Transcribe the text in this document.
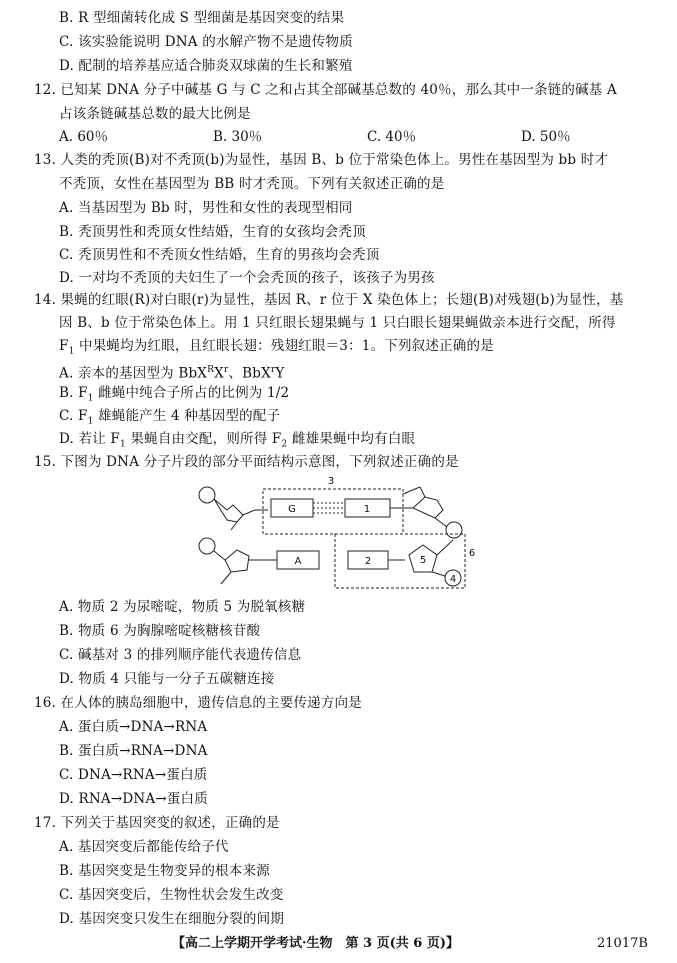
B. R 型细菌转化成 S 型细菌是基因突变的结果
C. 该实验能说明 DNA 的水解产物不是遗传物质
D. 配制的培养基应适合肺炎双球菌的生长和繁殖
12. 已知某 DNA 分子中碱基 G 与 C 之和占其全部碱基总数的 40％，那么其中一条链的碱基 A
占该条链碱基总数的最大比例是
A. 60％	B. 30％	C. 40％	D. 50％
13. 人类的秃顶(B)对不秃顶(b)为显性，基因 B、b 位于常染色体上。男性在基因型为 bb 时才
不秃顶，女性在基因型为 BB 时才秃顶。下列有关叙述正确的是
A. 当基因型为 Bb 时，男性和女性的表现型相同
B. 秃顶男性和秃顶女性结婚，生育的女孩均会秃顶
C. 秃顶男性和不秃顶女性结婚，生育的男孩均会秃顶
D. 一对均不秃顶的夫妇生了一个会秃顶的孩子，该孩子为男孩
14. 果蝇的红眼(R)对白眼(r)为显性，基因 R、r 位于 X 染色体上；长翅(B)对残翅(b)为显性，基
因 B、b 位于常染色体上。用 1 只红眼长翅果蝇与 1 只白眼长翅果蝇做亲本进行交配，所得
$F_1$ 中果蝇均为红眼，且红眼长翅：残翅红眼＝3：1。下列叙述正确的是
A. 亲本的基因型为 $BbX^RX^r$、BbX$^r$Y
B. $F_1$ 雌蝇中纯合子所占的比例为 1/2
C. $F_1$ 雄蝇能产生 4 种基因型的配子
D. 若让 $F_1$ 果蝇自由交配，则所得 $F_2$ 雌雄果蝇中均有白眼
15. 下图为 DNA 分子片段的部分平面结构示意图，下列叙述正确的是
3
G	1
A	2	5
6
4
A. 物质 2 为尿嘧啶，物质 5 为脱氧核糖
B. 物质 6 为胸腺嘧啶核糖核苷酸
C. 碱基对 3 的排列顺序能代表遗传信息
D. 物质 4 只能与一分子五碳糖连接
16. 在人体的胰岛细胞中，遗传信息的主要传递方向是
A. 蛋白质→DNA→RNA
B. 蛋白质→RNA→DNA
C. DNA→RNA→蛋白质
D. RNA→DNA→蛋白质
17. 下列关于基因突变的叙述，正确的是
A. 基因突变后都能传给子代
B. 基因突变是生物变异的根本来源
C. 基因突变后，生物性状会发生改变
D. 基因突变只发生在细胞分裂的间期
【高二上学期开学考试·生物　第 3 页(共 6 页)】	21017B
